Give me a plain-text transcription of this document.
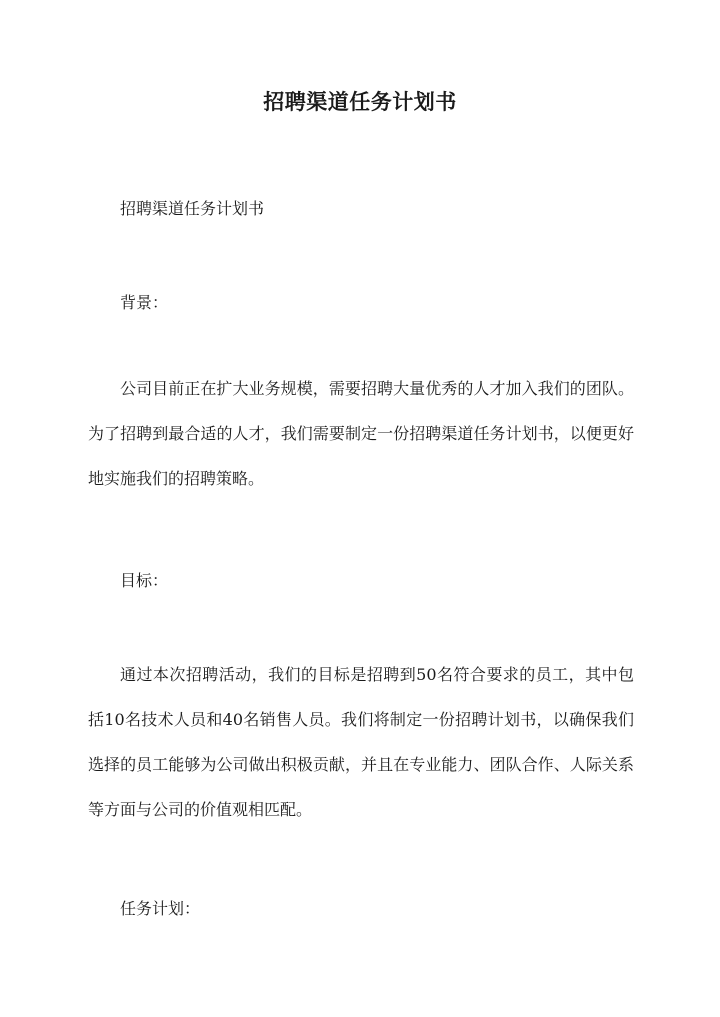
招聘渠道任务计划书

招聘渠道任务计划书

背景：

公司目前正在扩大业务规模，需要招聘大量优秀的人才加入我们的团队。为了招聘到最合适的人才，我们需要制定一份招聘渠道任务计划书，以便更好地实施我们的招聘策略。

目标：

通过本次招聘活动，我们的目标是招聘到50名符合要求的员工，其中包括10名技术人员和40名销售人员。我们将制定一份招聘计划书，以确保我们选择的员工能够为公司做出积极贡献，并且在专业能力、团队合作、人际关系等方面与公司的价值观相匹配。

任务计划：
